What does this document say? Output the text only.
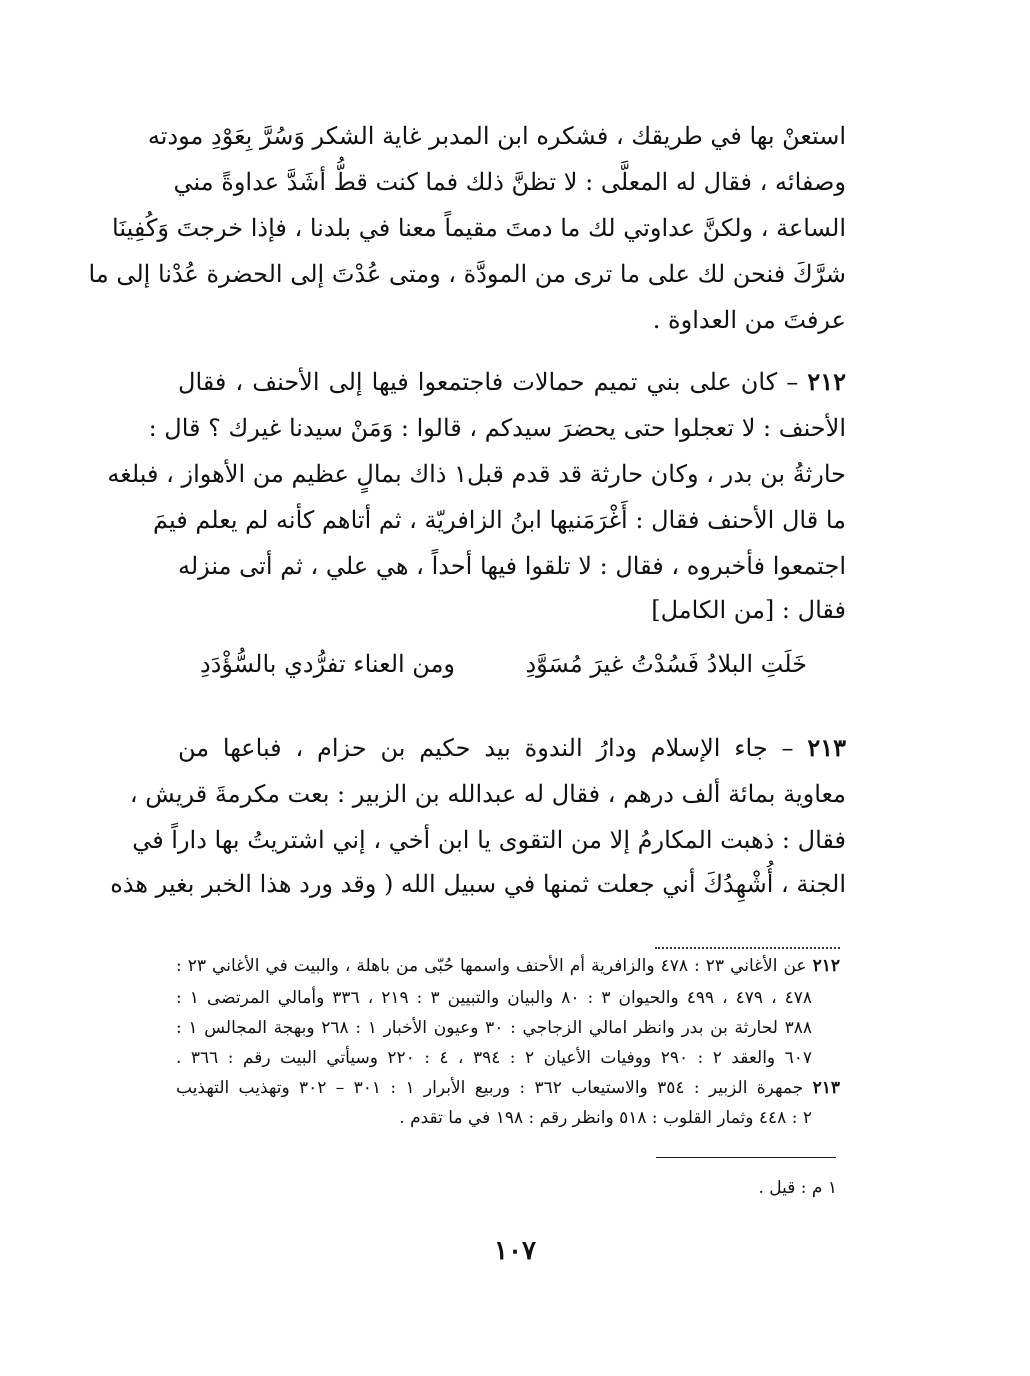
استعنْ بها في طريقك ، فشكره ابن المدبر غاية الشكر وَسُرَّ بِعَوْدِ مودته
وصفائه ، فقال له المعلَّى : لا تظنَّ ذلك فما كنت قطُّ أشَدَّ عداوةً مني
الساعة ، ولكنَّ عداوتي لك ما دمتَ مقيماً معنا في بلدنا ، فإذا خرجتَ وَكُفِينَا
شرَّكَ فنحن لك على ما ترى من المودَّة ، ومتى عُدْتَ إلى الحضرة عُدْنا إلى ما
عرفتَ من العداوة .
٢١٢ – كان على بني تميم حمالات فاجتمعوا فيها إلى الأحنف ، فقال
الأحنف : لا تعجلوا حتى يحضرَ سيدكم ، قالوا : وَمَنْ سيدنا غيرك ؟ قال :
حارثةُ بن بدر ، وكان حارثة قد قدم قبل١ ذاك بمالٍ عظيم من الأهواز ، فبلغه
ما قال الأحنف فقال : أَغْرَمَنيها ابنُ الزافريّة ، ثم أتاهم كأنه لم يعلم فيمَ
اجتمعوا فأخبروه ، فقال : لا تلقوا فيها أحداً ، هي علي ، ثم أتى منزله
فقال : [من الكامل]
خَلَتِ البلادُ فَسُدْتُ غيرَ مُسَوَّدِ
ومن العناء تفرُّدي بالسُّؤْدَدِ
٢١٣ – جاء الإسلام ودارُ الندوة بيد حكيم بن حزام ، فباعها من
معاوية بمائة ألف درهم ، فقال له عبدالله بن الزبير : بعت مكرمةَ قريش ،
فقال : ذهبت المكارمُ إلا من التقوى يا ابن أخي ، إني اشتريتُ بها داراً في
الجنة ، أُشْهِدُكَ أني جعلت ثمنها في سبيل الله ( وقد ورد هذا الخبر بغير هذه
٢١٢ عن الأغاني ٢٣ : ٤٧٨ والزافرية أم الأحنف واسمها حُبّى من باهلة ، والبيت في الأغاني ٢٣ :
٤٧٨ ، ٤٧٩ ، ٤٩٩ والحيوان ٣ : ٨٠ والبيان والتبيين ٣ : ٢١٩ ، ٣٣٦ وأمالي المرتضى ١ :
٣٨٨ لحارثة بن بدر وانظر امالي الزجاجي : ٣٠ وعيون الأخبار ١ : ٢٦٨ وبهجة المجالس ١ :
٦٠٧ والعقد ٢ : ٢٩٠ ووفيات الأعيان ٢ : ٣٩٤ ، ٤ : ٢٢٠ وسيأتي البيت رقم : ٣٦٦ .
٢١٣ جمهرة الزبير : ٣٥٤ والاستيعاب ٣٦٢ : وربيع الأبرار ١ : ٣٠١ – ٣٠٢ وتهذيب التهذيب
٢ : ٤٤٨ وثمار القلوب : ٥١٨ وانظر رقم : ١٩٨ في ما تقدم .
١ م : قيل .
١٠٧
